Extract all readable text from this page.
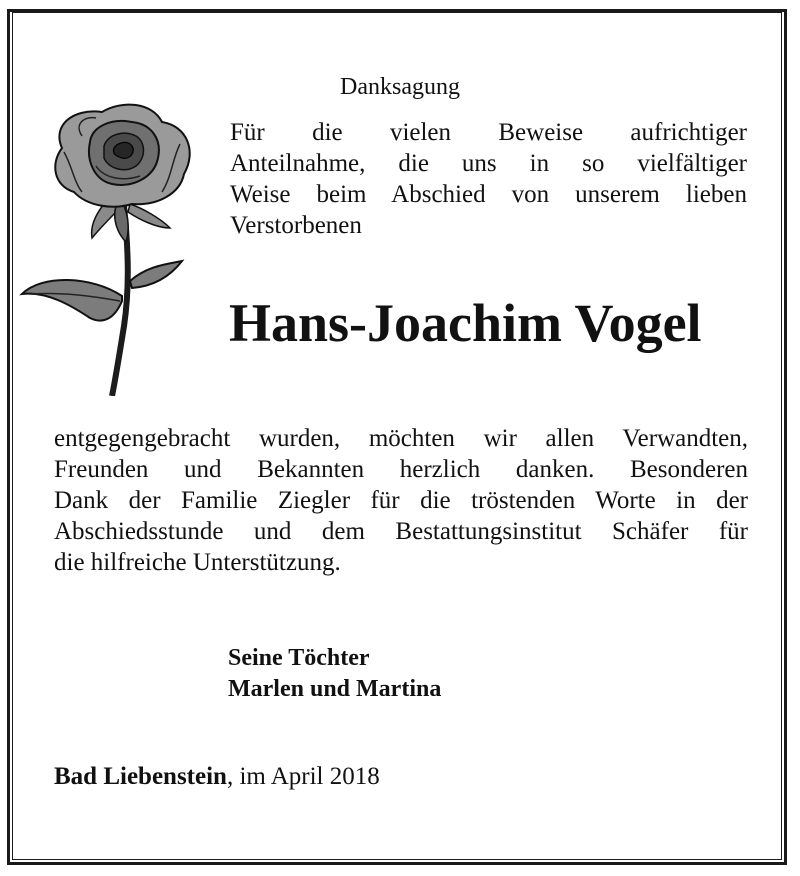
Danksagung
Für die vielen Beweise aufrichtiger
Anteilnahme, die uns in so vielfältiger
Weise beim Abschied von unserem lieben
Verstorbenen
Hans-Joachim Vogel
entgegengebracht wurden, möchten wir allen Verwandten,
Freunden und Bekannten herzlich danken. Besonderen
Dank der Familie Ziegler für die tröstenden Worte in der
Abschiedsstunde und dem Bestattungsinstitut Schäfer für
die hilfreiche Unterstützung.
Seine Töchter
Marlen und Martina
Bad Liebenstein, im April 2018
